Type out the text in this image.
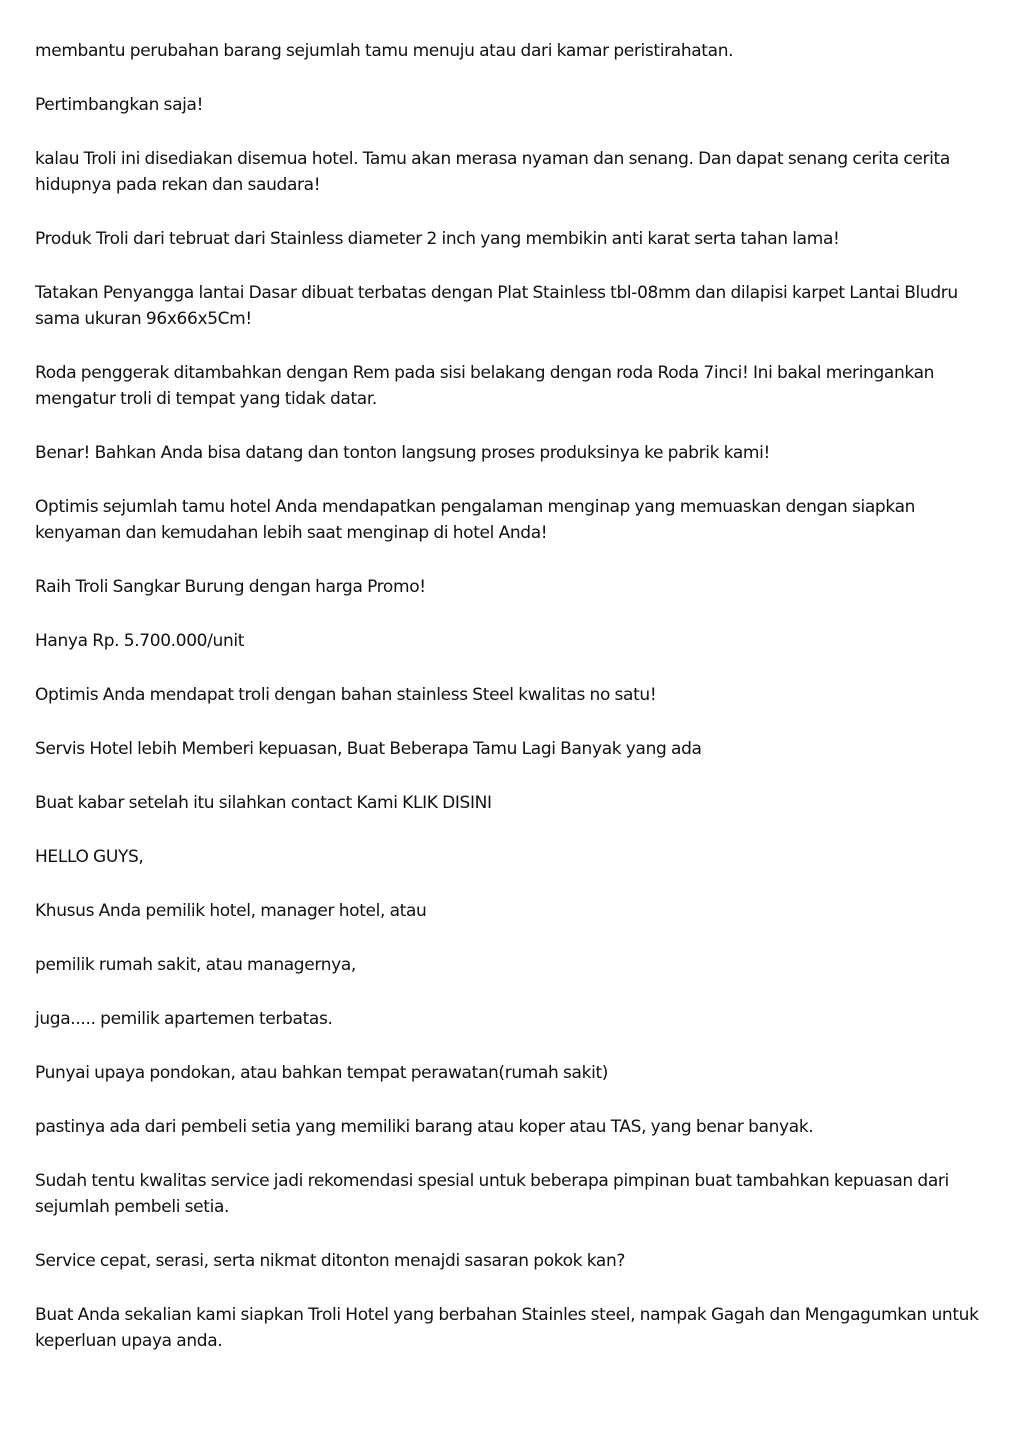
membantu perubahan barang sejumlah tamu menuju atau dari kamar peristirahatan.

Pertimbangkan saja!

kalau Troli ini disediakan disemua hotel. Tamu akan merasa nyaman dan senang. Dan dapat senang cerita cerita hidupnya pada rekan dan saudara!

Produk Troli dari tebruat dari Stainless diameter 2 inch yang membikin anti karat serta tahan lama!

Tatakan Penyangga lantai Dasar dibuat terbatas dengan Plat Stainless tbl-08mm dan dilapisi karpet Lantai Bludru sama ukuran 96x66x5Cm!

Roda penggerak ditambahkan dengan Rem pada sisi belakang dengan roda Roda 7inci! Ini bakal meringankan mengatur troli di tempat yang tidak datar.

Benar! Bahkan Anda bisa datang dan tonton langsung proses produksinya ke pabrik kami!

Optimis sejumlah tamu hotel Anda mendapatkan pengalaman menginap yang memuaskan dengan siapkan kenyaman dan kemudahan lebih saat menginap di hotel Anda!

Raih Troli Sangkar Burung dengan harga Promo!

Hanya Rp. 5.700.000/unit

Optimis Anda mendapat troli dengan bahan stainless Steel kwalitas no satu!

Servis Hotel lebih Memberi kepuasan, Buat Beberapa Tamu Lagi Banyak yang ada

Buat kabar setelah itu silahkan contact Kami KLIK DISINI

HELLO GUYS,

Khusus Anda pemilik hotel, manager hotel, atau

pemilik rumah sakit, atau managernya,

juga..... pemilik apartemen terbatas.

Punyai upaya pondokan, atau bahkan tempat perawatan(rumah sakit)

pastinya ada dari pembeli setia yang memiliki barang atau koper atau TAS, yang benar banyak.

Sudah tentu kwalitas service jadi rekomendasi spesial untuk beberapa pimpinan buat tambahkan kepuasan dari sejumlah pembeli setia.

Service cepat, serasi, serta nikmat ditonton menajdi sasaran pokok kan?

Buat Anda sekalian kami siapkan Troli Hotel yang berbahan Stainles steel, nampak Gagah dan Mengagumkan untuk keperluan upaya anda.
